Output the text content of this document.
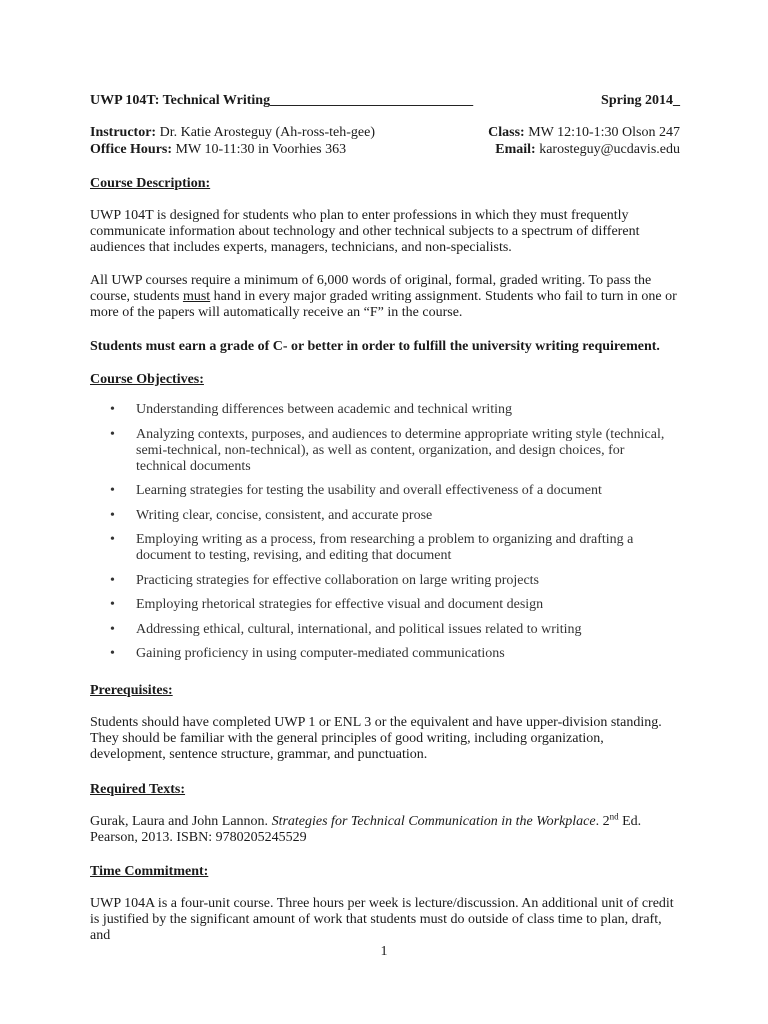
UWP 104T: Technical Writing_____________________________	Spring 2014_
Instructor: Dr. Katie Arosteguy (Ah-ross-teh-gee)	Class: MW 12:10-1:30 Olson 247
Office Hours: MW 10-11:30 in Voorhies 363	Email: karosteguy@ucdavis.edu

Course Description:

UWP 104T is designed for students who plan to enter professions in which they must frequently communicate information about technology and other technical subjects to a spectrum of different audiences that includes experts, managers, technicians, and non-specialists.

All UWP courses require a minimum of 6,000 words of original, formal, graded writing. To pass the course, students must hand in every major graded writing assignment. Students who fail to turn in one or more of the papers will automatically receive an “F” in the course.

Students must earn a grade of C- or better in order to fulfill the university writing requirement.

Course Objectives:

• Understanding differences between academic and technical writing
• Analyzing contexts, purposes, and audiences to determine appropriate writing style (technical, semi-technical, non-technical), as well as content, organization, and design choices, for technical documents
• Learning strategies for testing the usability and overall effectiveness of a document
• Writing clear, concise, consistent, and accurate prose
• Employing writing as a process, from researching a problem to organizing and drafting a document to testing, revising, and editing that document
• Practicing strategies for effective collaboration on large writing projects
• Employing rhetorical strategies for effective visual and document design
• Addressing ethical, cultural, international, and political issues related to writing
• Gaining proficiency in using computer-mediated communications

Prerequisites:

Students should have completed UWP 1 or ENL 3 or the equivalent and have upper-division standing. They should be familiar with the general principles of good writing, including organization, development, sentence structure, grammar, and punctuation.

Required Texts:

Gurak, Laura and John Lannon. Strategies for Technical Communication in the Workplace. 2nd Ed.
Pearson, 2013. ISBN: 9780205245529

Time Commitment:

UWP 104A is a four-unit course. Three hours per week is lecture/discussion. An additional unit of credit is justified by the significant amount of work that students must do outside of class time to plan, draft, and

1
